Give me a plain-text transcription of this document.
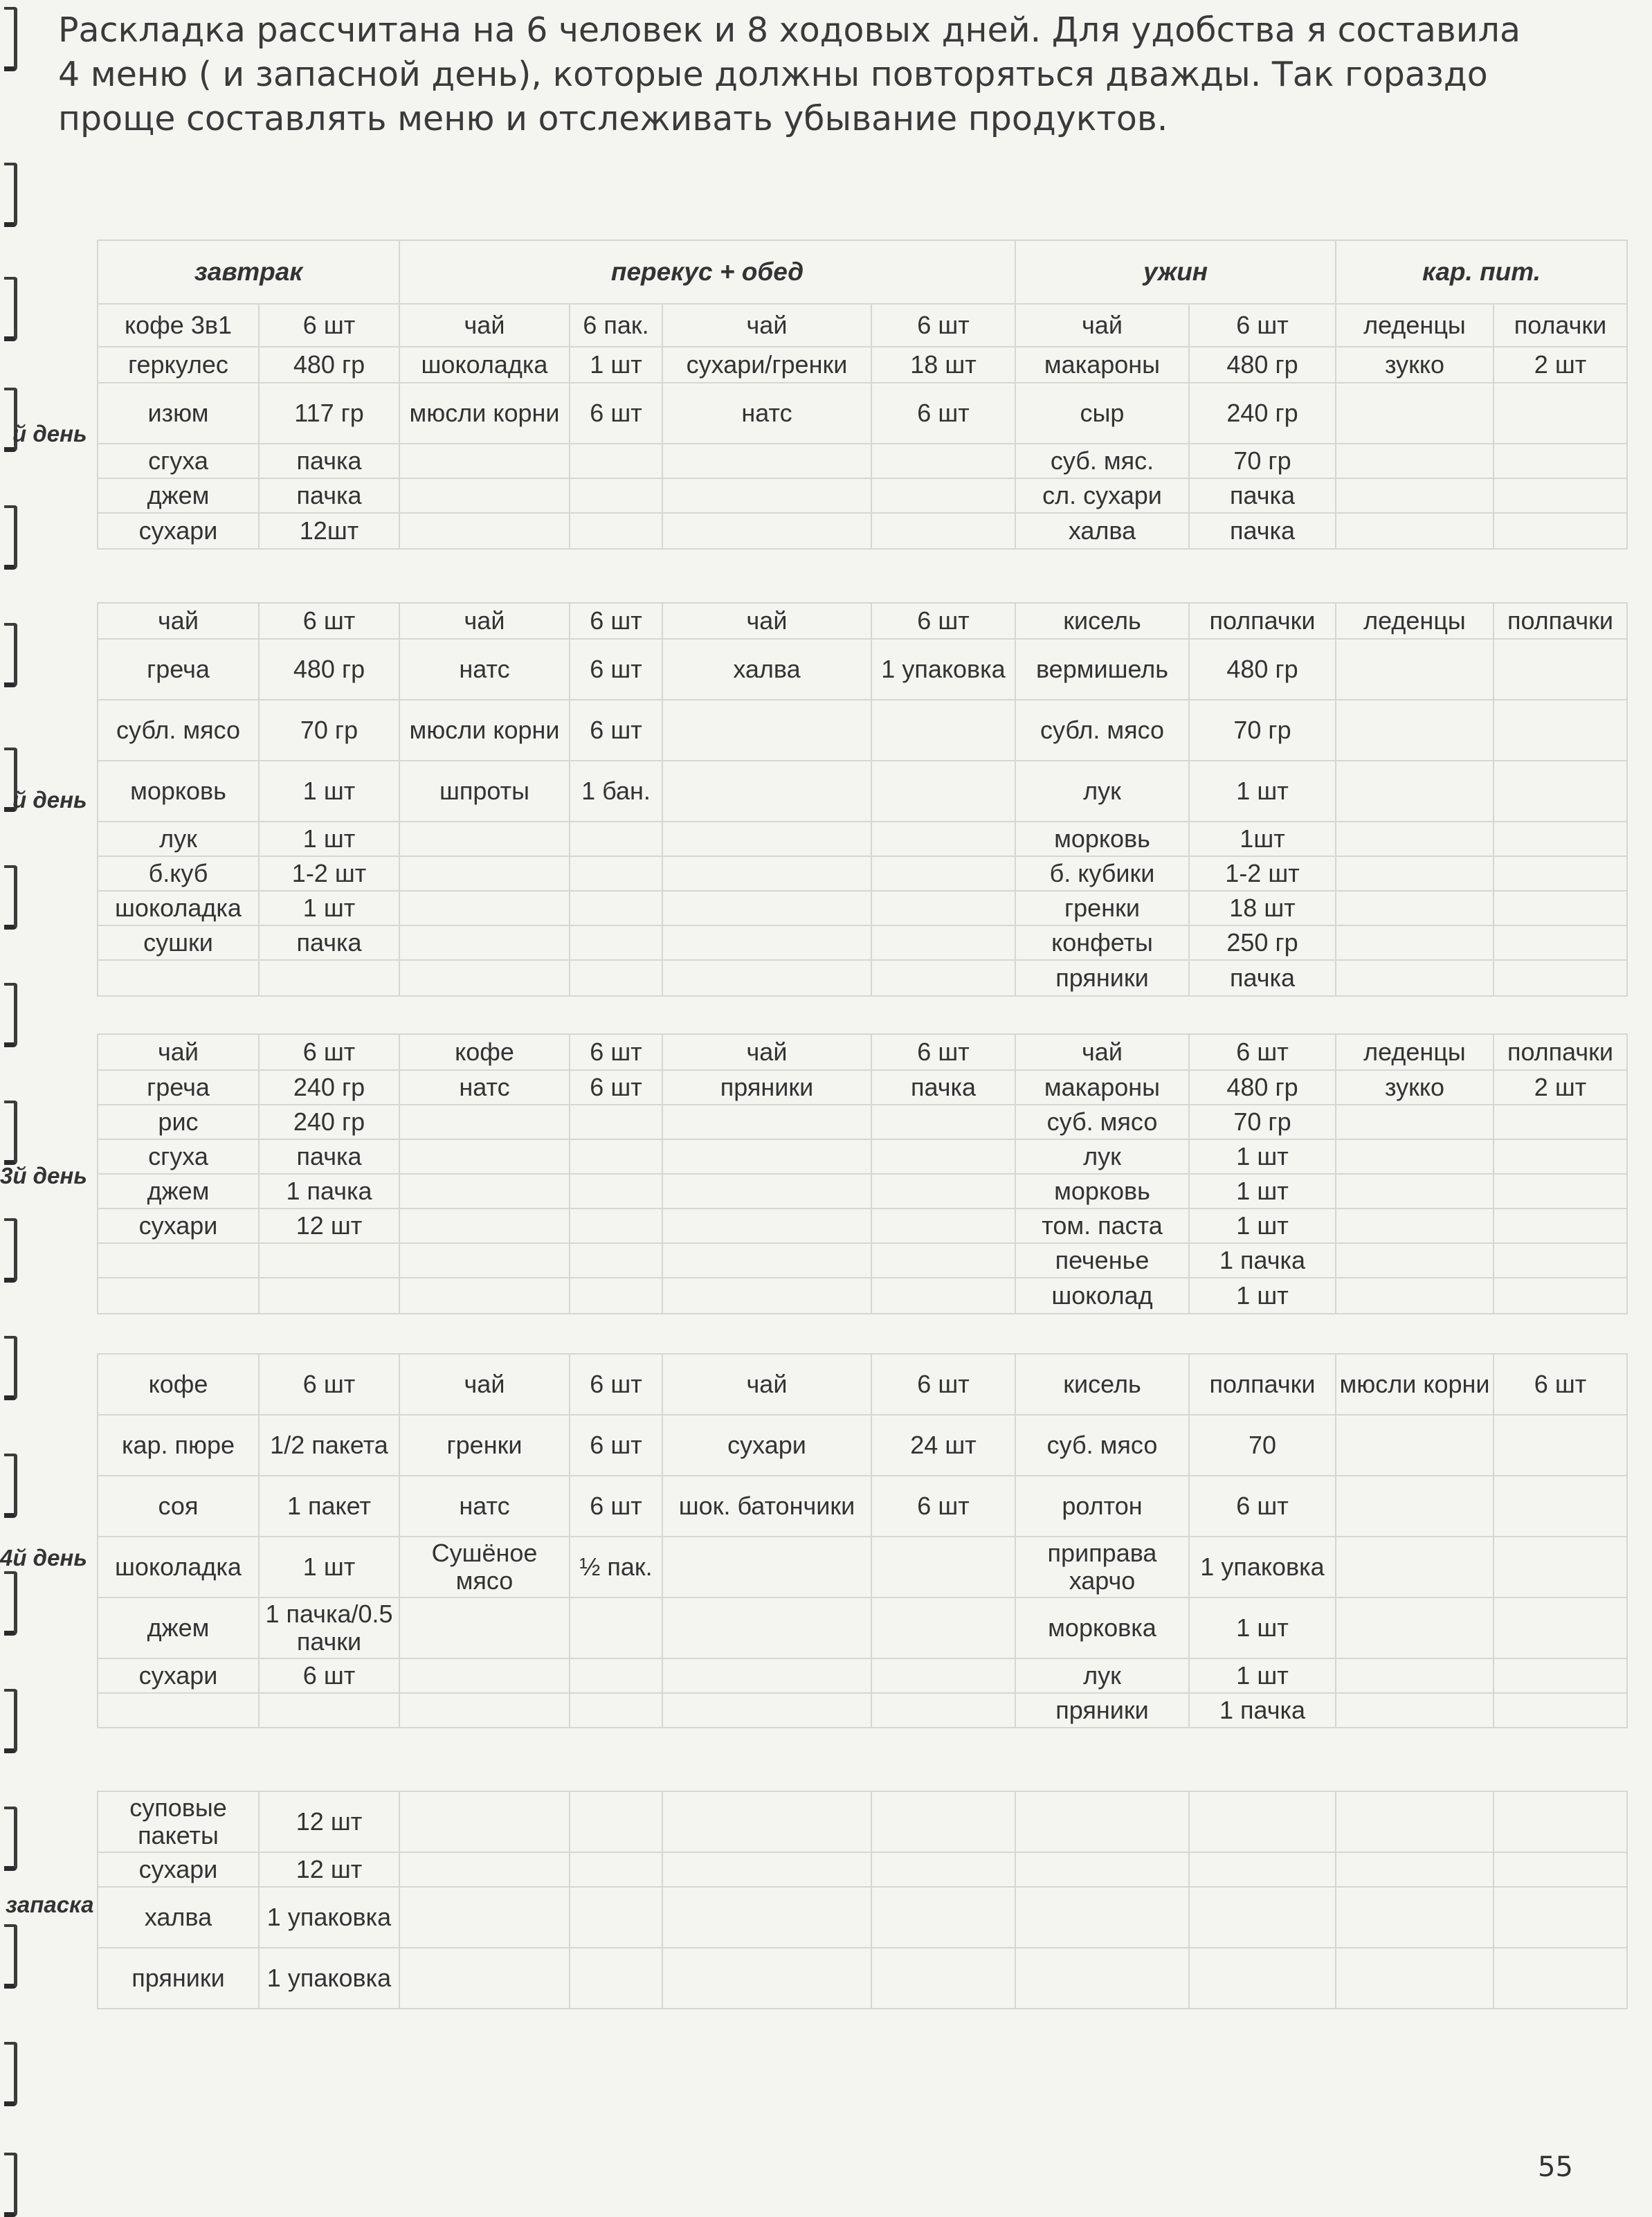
Раскладка рассчитана на 6 человек и 8 ходовых дней. Для удобства я составила 4 меню ( и запасной день), которые должны повторяться дважды. Так гораздо проще составлять меню и отслеживать убывание продуктов.

завтрак	перекус + обед	ужин	кар. пит.
кофе 3в1	6 шт	чай	6 пак.	чай	6 шт	чай	6 шт	леденцы	полачки
геркулес	480 гр	шоколадка	1 шт	сухари/гренки	18 шт	макароны	480 гр	зукко	2 шт
изюм	117 гр	мюсли корни	6 шт	натс	6 шт	сыр	240 гр		
сгуха	пачка					суб. мяс.	70 гр		
джем	пачка					сл. сухари	пачка		
сухари	12шт					халва	пачка		
чай	6 шт	чай	6 шт	чай	6 шт	кисель	полпачки	леденцы	полпачки
греча	480 гр	натс	6 шт	халва	1 упаковка	вермишель	480 гр		
субл. мясо	70 гр	мюсли корни	6 шт			субл. мясо	70 гр		
морковь	1 шт	шпроты	1 бан.			лук	1 шт		
лук	1 шт					морковь	1шт		
б.куб	1-2 шт					б. кубики	1-2 шт		
шоколадка	1 шт					гренки	18 шт		
сушки	пачка					конфеты	250 гр		
						пряники	пачка		
чай	6 шт	кофе	6 шт	чай	6 шт	чай	6 шт	леденцы	полпачки
греча	240 гр	натс	6 шт	пряники	пачка	макароны	480 гр	зукко	2 шт
рис	240 гр					суб. мясо	70 гр		
сгуха	пачка					лук	1 шт		
джем	1 пачка					морковь	1 шт		
сухари	12 шт					том. паста	1 шт		
						печенье	1 пачка		
						шоколад	1 шт		
кофе	6 шт	чай	6 шт	чай	6 шт	кисель	полпачки	мюсли корни	6 шт
кар. пюре	1/2 пакета	гренки	6 шт	сухари	24 шт	суб. мясо	70		
соя	1 пакет	натс	6 шт	шок. батончики	6 шт	ролтон	6 шт		
шоколадка	1 шт	Сушёное мясо	½ пак.			приправа харчо	1 упаковка		
джем	1 пачка/0.5 пачки					морковка	1 шт		
сухари	6 шт					лук	1 шт		
						пряники	1 пачка		
суповые пакеты	12 шт								
сухари	12 шт								
халва	1 упаковка								
пряники	1 упаковка								
й день
й день
3й день
4й день
запаска
55
